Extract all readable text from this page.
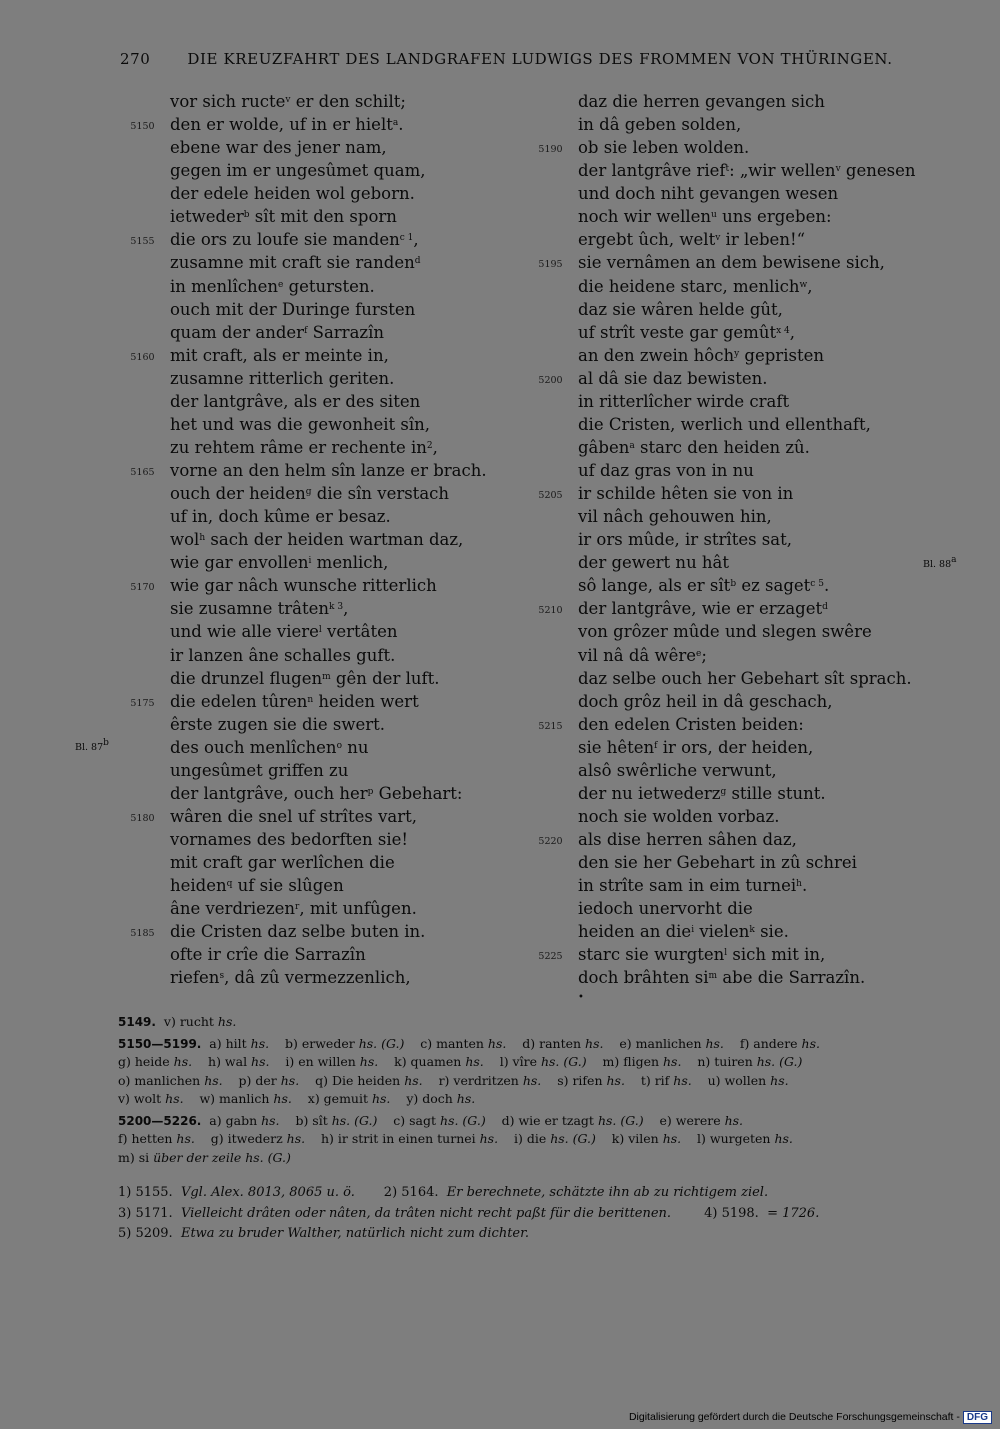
270 DIE KREUZFAHRT DES LANDGRAFEN LUDWIGS DES FROMMEN VON THÜRINGEN.
vor sich ructe$^v$ er den schilt;
5150 den er wolde, uf in er hielt$^a$.
ebene war des jener nam,
gegen im er ungesûmet quam,
der edele heiden wol geborn.
ietweder$^b$ sît mit den sporn
5155 die ors zu loufe sie manden$^{c 1}$,
zusamne mit craft sie randen$^d$
in menlîchen$^e$ getursten.
ouch mit der Duringe fursten
quam der ander$^f$ Sarrazîn
5160 mit craft, als er meinte in,
zusamne ritterlich geriten.
der lantgrâve, als er des siten
het und was die gewonheit sîn,
zu rehtem râme er rechente $in^2$,
5165 vorne an den helm sîn lanze er brach.
ouch der heiden$^g$ die sîn verstach
uf in, doch kûme er besaz.
wol$^h$ sach der heiden wartman daz,
wie gar envollen$^i$ menlich,
5170 wie gar nâch wunsche ritterlich
sie zusamne trâten$^{k 3}$,
und wie alle viere$^l$ vertâten
ir lanzen âne schalles guft.
die drunzel flugen$^m$ gên der luft.
5175 die edelen tûren$^n$ heiden wert
êrste zugen sie die swert.
des ouch menlîchen$^o$ nu
ungesûmet griffen zu
der lantgrâve, ouch her$^p$ Gebehart:
5180 wâren die snel uf strîtes vart,
vornames des bedorften sie!
mit craft gar werlîchen die
heiden$^q$ uf sie slûgen
âne verdriezen$^r$, mit unfûgen.
5185 die Cristen daz selbe buten in.
ofte ir crîe die Sarrazîn
riefen$^s$, dâ zû vermezzenlich,
daz die herren gevangen sich
in dâ geben solden,
5190 ob sie leben wolden.
der lantgrâve rief$^t$: „wir wellen$^v$ genesen
und doch niht gevangen wesen
noch wir wellen$^u$ uns ergeben:
ergebt ûch, welt$^v$ ir leben!“
5195 sie vernâmen an dem bewisene sich,
die heidene starc, menlich$^w$,
daz sie wâren helde gût,
uf strît veste gar gemût$^{x 4}$,
an den zwein hôch$^y$ gepristen
5200 al dâ sie daz bewisten.
in ritterlîcher wirde craft
die Cristen, werlich und ellenthaft,
gâben$^a$ starc den heiden zû.
uf daz gras von in nu
5205 ir schilde hêten sie von in
vil nâch gehouwen hin,
ir ors mûde, ir strîtes sat,
der gewert nu hât	Bl. 88$^a$
sô lange, als er sît$^b$ ez saget$^{c 5}$.
5210 der lantgrâve, wie er erzaget$^d$
von grôzer mûde und slegen swêre
vil nâ dâ wêre$^e$;
daz selbe ouch her Gebehart sît sprach.
doch grôz heil in dâ geschach,
5215 den edelen Cristen beiden:
sie hêten$^f$ ir ors, der heiden,
alsô swêrliche verwunt,
der nu ietwederz$^g$ stille stunt.
noch sie wolden vorbaz.
5220 als dise herren sâhen daz,
den sie her Gebehart in zû schrei
in strîte sam in eim turnei$^h$.
iedoch unervorht die
heiden an die$^i$ vielen$^k$ sie.
5225 starc sie wurgten$^l$ sich mit in,
doch brâhten $si^m$ abe die Sarrazîn.
Bl. 87$^b$
•
5149.  v) rucht hs.
5150—5199.  a) hilt hs.    b) erweder hs. (G.)    c) manten hs.    d) ranten hs.    e) manlichen hs.    f) andere hs.
g) heide hs.    h) wal hs.    i) en willen hs.    k) quamen hs.    l) vîre hs. (G.)    m) fligen hs.    n) tuiren hs. (G.)
o) manlichen hs.    p) der hs.    q) Die heiden hs.    r) verdritzen hs.    s) rifen hs.    t) rif hs.    u) wollen hs.
v) wolt hs.    w) manlich hs.    x) gemuit hs.    y) doch hs.
5200—5226.  a) gabn hs.    b) sît hs. (G.)    c) sagt hs. (G.)    d) wie er tzagt hs. (G.)    e) werere hs.
f) hetten hs.    g) itwederz hs.    h) ir strit in einen turnei hs.    i) die hs. (G.)    k) vilen hs.    l) wurgeten hs.
m) si über der zeile hs. (G.)
1) 5155.  Vgl. Alex. 8013, 8065 u. ö.       2) 5164.  Er berechnete, schätzte ihn ab zu richtigem ziel.
3) 5171.  Vielleicht drâten oder nâten, da trâten nicht recht paßt für die berittenen.        4) 5198.  = 1726.
5) 5209.  Etwa zu bruder Walther, natürlich nicht zum dichter.
Digitalisierung gefördert durch die Deutsche Forschungsgemeinschaft - DFG
